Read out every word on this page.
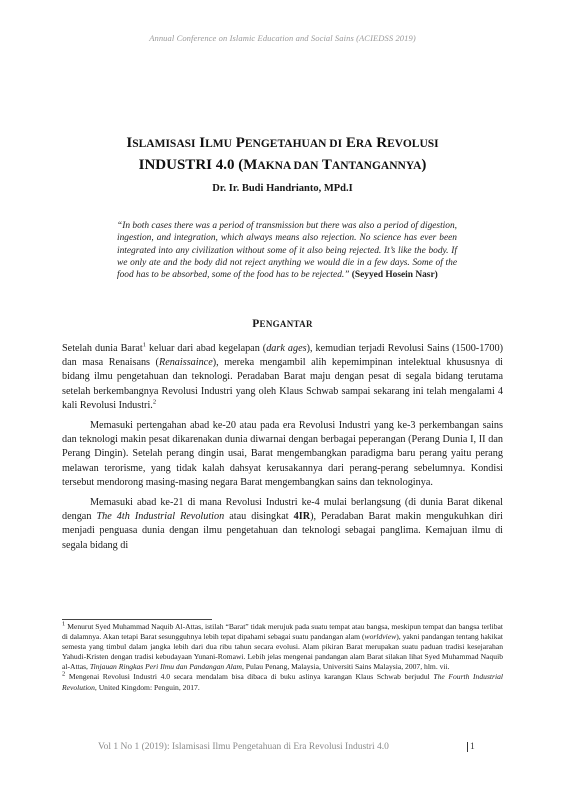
Annual Conference on Islamic Education and Social Sains (ACIEDSS 2019)
ISLAMISASI ILMU PENGETAHUAN DI ERA REVOLUSI
INDUSTRI 4.0 (MAKNA DAN TANTANGANNYA)
Dr. Ir. Budi Handrianto, MPd.I
“In both cases there was a period of transmission but there was also a period of digestion, ingestion, and integration, which always means also rejection. No science has ever been integrated into any civilization without some of it also being rejected. It’s like the body. If we only ate and the body did not reject anything we would die in a few days. Some of the food has to be absorbed, some of the food has to be rejected.” (Seyyed Hosein Nasr)
PENGANTAR

Setelah dunia Barat$^1$ keluar dari abad kegelapan (dark ages), kemudian terjadi Revolusi Sains (1500-1700) dan masa Renaisans (Renaissaince), mereka mengambil alih kepemimpinan intelektual khususnya di bidang ilmu pengetahuan dan teknologi. Peradaban Barat maju dengan pesat di segala bidang terutama setelah berkembangnya Revolusi Industri yang oleh Klaus Schwab sampai sekarang ini telah mengalami 4 kali Revolusi Industri.$^2$

Memasuki pertengahan abad ke-20 atau pada era Revolusi Industri yang ke-3 perkembangan sains dan teknologi makin pesat dikarenakan dunia diwarnai dengan berbagai peperangan (Perang Dunia I, II dan Perang Dingin). Setelah perang dingin usai, Barat mengembangkan paradigma baru perang yaitu perang melawan terorisme, yang tidak kalah dahsyat kerusakannya dari perang-perang sebelumnya. Kondisi tersebut mendorong masing-masing negara Barat mengembangkan sains dan teknologinya.

Memasuki abad ke-21 di mana Revolusi Industri ke-4 mulai berlangsung (di dunia Barat dikenal dengan The 4th Industrial Revolution atau disingkat 4IR), Peradaban Barat makin mengukuhkan diri menjadi penguasa dunia dengan ilmu pengetahuan dan teknologi sebagai panglima. Kemajuan ilmu di segala bidang di

$^1$ Menurut Syed Muhammad Naquib Al-Attas, istilah “Barat” tidak merujuk pada suatu tempat atau bangsa, meskipun tempat dan bangsa terlibat di dalamnya. Akan tetapi Barat sesungguhnya lebih tepat dipahami sebagai suatu pandangan alam (worldview), yakni pandangan tentang hakikat semesta yang timbul dalam jangka lebih dari dua ribu tahun secara evolusi. Alam pikiran Barat merupakan suatu paduan tradisi kesejarahan Yahudi-Kristen dengan tradisi kebudayaan Yunani-Romawi. Lebih jelas mengenai pandangan alam Barat silakan lihat Syed Muhammad Naquib al-Attas, Tinjauan Ringkas Peri Ilmu dan Pandangan Alam, Pulau Penang, Malaysia, Universiti Sains Malaysia, 2007, hlm. vii.

$^2$ Mengenai Revolusi Industri 4.0 secara mendalam bisa dibaca di buku aslinya karangan Klaus Schwab berjudul The Fourth Industrial Revolution, United Kingdom: Penguin, 2017.

Vol 1 No 1 (2019): Islamisasi Ilmu Pengetahuan di Era Revolusi Industri 4.0	1
